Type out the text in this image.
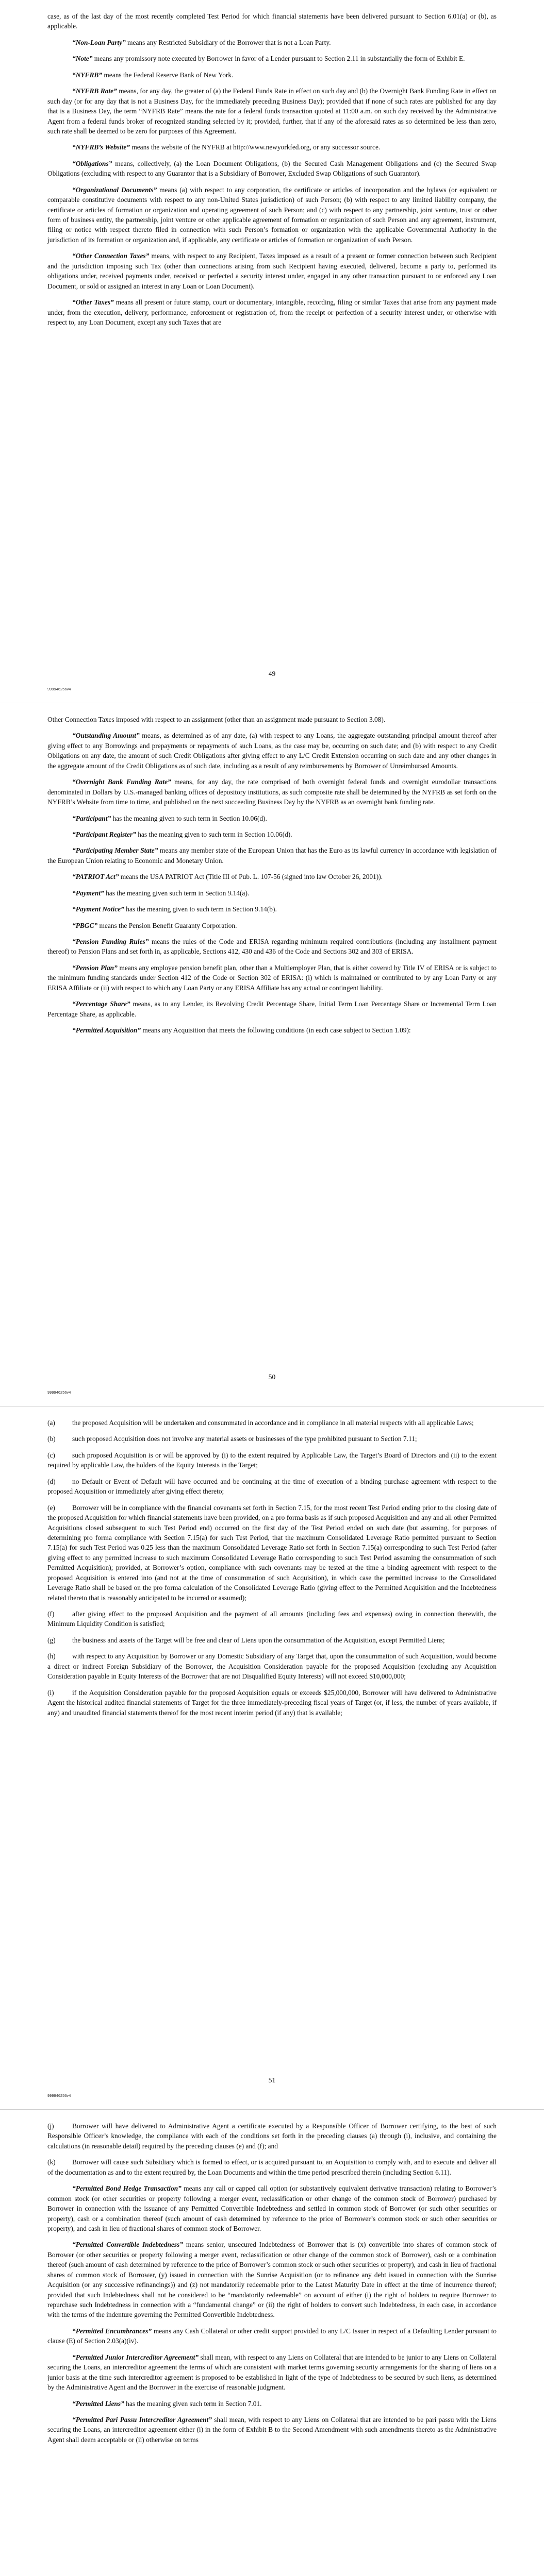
case, as of the last day of the most recently completed Test Period for which financial statements have been delivered pursuant to Section 6.01(a) or (b), as applicable.

“Non-Loan Party” means any Restricted Subsidiary of the Borrower that is not a Loan Party.

“Note” means any promissory note executed by Borrower in favor of a Lender pursuant to Section 2.11 in substantially the form of Exhibit E.

“NYFRB” means the Federal Reserve Bank of New York.

“NYFRB Rate” means, for any day, the greater of (a) the Federal Funds Rate in effect on such day and (b) the Overnight Bank Funding Rate in effect on such day (or for any day that is not a Business Day, for the immediately preceding Business Day); provided that if none of such rates are published for any day that is a Business Day, the term “NYFRB Rate” means the rate for a federal funds transaction quoted at 11:00 a.m. on such day received by the Administrative Agent from a federal funds broker of recognized standing selected by it; provided, further, that if any of the aforesaid rates as so determined be less than zero, such rate shall be deemed to be zero for purposes of this Agreement.

“NYFRB’s Website” means the website of the NYFRB at http://www.newyorkfed.org, or any successor source.

“Obligations” means, collectively, (a) the Loan Document Obligations, (b) the Secured Cash Management Obligations and (c) the Secured Swap Obligations (excluding with respect to any Guarantor that is a Subsidiary of Borrower, Excluded Swap Obligations of such Guarantor).

“Organizational Documents” means (a) with respect to any corporation, the certificate or articles of incorporation and the bylaws (or equivalent or comparable constitutive documents with respect to any non-United States jurisdiction) of such Person; (b) with respect to any limited liability company, the certificate or articles of formation or organization and operating agreement of such Person; and (c) with respect to any partnership, joint venture, trust or other form of business entity, the partnership, joint venture or other applicable agreement of formation or organization of such Person and any agreement, instrument, filing or notice with respect thereto filed in connection with such Person’s formation or organization with the applicable Governmental Authority in the jurisdiction of its formation or organization and, if applicable, any certificate or articles of formation or organization of such Person.

“Other Connection Taxes” means, with respect to any Recipient, Taxes imposed as a result of a present or former connection between such Recipient and the jurisdiction imposing such Tax (other than connections arising from such Recipient having executed, delivered, become a party to, performed its obligations under, received payments under, received or perfected a security interest under, engaged in any other transaction pursuant to or enforced any Loan Document, or sold or assigned an interest in any Loan or Loan Document).

“Other Taxes” means all present or future stamp, court or documentary, intangible, recording, filing or similar Taxes that arise from any payment made under, from the execution, delivery, performance, enforcement or registration of, from the receipt or perfection of a security interest under, or otherwise with respect to, any Loan Document, except any such Taxes that are

49
999946256v4

Other Connection Taxes imposed with respect to an assignment (other than an assignment made pursuant to Section 3.08).

“Outstanding Amount” means, as determined as of any date, (a) with respect to any Loans, the aggregate outstanding principal amount thereof after giving effect to any Borrowings and prepayments or repayments of such Loans, as the case may be, occurring on such date; and (b) with respect to any Credit Obligations on any date, the amount of such Credit Obligations after giving effect to any L/C Credit Extension occurring on such date and any other changes in the aggregate amount of the Credit Obligations as of such date, including as a result of any reimbursements by Borrower of Unreimbursed Amounts.

“Overnight Bank Funding Rate” means, for any day, the rate comprised of both overnight federal funds and overnight eurodollar transactions denominated in Dollars by U.S.-managed banking offices of depository institutions, as such composite rate shall be determined by the NYFRB as set forth on the NYFRB’s Website from time to time, and published on the next succeeding Business Day by the NYFRB as an overnight bank funding rate.

“Participant” has the meaning given to such term in Section 10.06(d).

“Participant Register” has the meaning given to such term in Section 10.06(d).

“Participating Member State” means any member state of the European Union that has the Euro as its lawful currency in accordance with legislation of the European Union relating to Economic and Monetary Union.

“PATRIOT Act” means the USA PATRIOT Act (Title III of Pub. L. 107-56 (signed into law October 26, 2001)).

“Payment” has the meaning given such term in Section 9.14(a).

“Payment Notice” has the meaning given to such term in Section 9.14(b).

“PBGC” means the Pension Benefit Guaranty Corporation.

“Pension Funding Rules” means the rules of the Code and ERISA regarding minimum required contributions (including any installment payment thereof) to Pension Plans and set forth in, as applicable, Sections 412, 430 and 436 of the Code and Sections 302 and 303 of ERISA.

“Pension Plan” means any employee pension benefit plan, other than a Multiemployer Plan, that is either covered by Title IV of ERISA or is subject to the minimum funding standards under Section 412 of the Code or Section 302 of ERISA: (i) which is maintained or contributed to by any Loan Party or any ERISA Affiliate or (ii) with respect to which any Loan Party or any ERISA Affiliate has any actual or contingent liability.

“Percentage Share” means, as to any Lender, its Revolving Credit Percentage Share, Initial Term Loan Percentage Share or Incremental Term Loan Percentage Share, as applicable.

“Permitted Acquisition” means any Acquisition that meets the following conditions (in each case subject to Section 1.09):

50
999946256v4

(a) the proposed Acquisition will be undertaken and consummated in accordance and in compliance in all material respects with all applicable Laws;

(b) such proposed Acquisition does not involve any material assets or businesses of the type prohibited pursuant to Section 7.11;

(c) such proposed Acquisition is or will be approved by (i) to the extent required by Applicable Law, the Target’s Board of Directors and (ii) to the extent required by applicable Law, the holders of the Equity Interests in the Target;

(d) no Default or Event of Default will have occurred and be continuing at the time of execution of a binding purchase agreement with respect to the proposed Acquisition or immediately after giving effect thereto;

(e) Borrower will be in compliance with the financial covenants set forth in Section 7.15, for the most recent Test Period ending prior to the closing date of the proposed Acquisition for which financial statements have been provided, on a pro forma basis as if such proposed Acquisition and any and all other Permitted Acquisitions closed subsequent to such Test Period end) occurred on the first day of the Test Period ended on such date (but assuming, for purposes of determining pro forma compliance with Section 7.15(a) for such Test Period, that the maximum Consolidated Leverage Ratio permitted pursuant to Section 7.15(a) for such Test Period was 0.25 less than the maximum Consolidated Leverage Ratio set forth in Section 7.15(a) corresponding to such Test Period (after giving effect to any permitted increase to such maximum Consolidated Leverage Ratio corresponding to such Test Period assuming the consummation of such Permitted Acquisition); provided, at Borrower’s option, compliance with such covenants may be tested at the time a binding agreement with respect to the proposed Acquisition is entered into (and not at the time of consummation of such Acquisition), in which case the permitted increase to the Consolidated Leverage Ratio shall be based on the pro forma calculation of the Consolidated Leverage Ratio (giving effect to the Permitted Acquisition and the Indebtedness related thereto that is reasonably anticipated to be incurred or assumed);

(f)	after giving effect to the proposed Acquisition and the payment of all amounts (including fees and expenses) owing in connection therewith, the Minimum Liquidity Condition is satisfied;

(g) the business and assets of the Target will be free and clear of Liens upon the consummation of the Acquisition, except Permitted Liens;

(h) with respect to any Acquisition by Borrower or any Domestic Subsidiary of any Target that, upon the consummation of such Acquisition, would become a direct or indirect Foreign Subsidiary of the Borrower, the Acquisition Consideration payable for the proposed Acquisition (excluding any Acquisition Consideration payable in Equity Interests of the Borrower that are not Disqualified Equity Interests) will not exceed $10,000,000;

(i)	if the Acquisition Consideration payable for the proposed Acquisition equals or exceeds $25,000,000, Borrower will have delivered to Administrative Agent the historical audited financial statements of Target for the three immediately-preceding fiscal years of Target (or, if less, the number of years available, if any) and unaudited financial statements thereof for the most recent interim period (if any) that is available;

51
999946256v4

(j)	Borrower will have delivered to Administrative Agent a certificate executed by a Responsible Officer of Borrower certifying, to the best of such Responsible Officer’s knowledge, the compliance with each of the conditions set forth in the preceding clauses (a) through (i), inclusive, and containing the calculations (in reasonable detail) required by the preceding clauses (e) and (f); and

(k) Borrower will cause such Subsidiary which is formed to effect, or is acquired pursuant to, an Acquisition to comply with, and to execute and deliver all of the documentation as and to the extent required by, the Loan Documents and within the time period prescribed therein (including Section 6.11).

“Permitted Bond Hedge Transaction” means any call or capped call option (or substantively equivalent derivative transaction) relating to Borrower’s common stock (or other securities or property following a merger event, reclassification or other change of the common stock of Borrower) purchased by Borrower in connection with the issuance of any Permitted Convertible Indebtedness and settled in common stock of Borrower (or such other securities or property), cash or a combination thereof (such amount of cash determined by reference to the price of Borrower’s common stock or such other securities or property), and cash in lieu of fractional shares of common stock of Borrower.

“Permitted Convertible Indebtedness” means senior, unsecured Indebtedness of Borrower that is (x) convertible into shares of common stock of Borrower (or other securities or property following a merger event, reclassification or other change of the common stock of Borrower), cash or a combination thereof (such amount of cash determined by reference to the price of Borrower’s common stock or such other securities or property), and cash in lieu of fractional shares of common stock of Borrower, (y) issued in connection with the Sunrise Acquisition (or to refinance any debt issued in connection with the Sunrise Acquisition (or any successive refinancings)) and (z) not mandatorily redeemable prior to the Latest Maturity Date in effect at the time of incurrence thereof; provided that such Indebtedness shall not be considered to be “mandatorily redeemable” on account of either (i) the right of holders to require Borrower to repurchase such Indebtedness in connection with a “fundamental change” or (ii) the right of holders to convert such Indebtedness, in each case, in accordance with the terms of the indenture governing the Permitted Convertible Indebtedness.

“Permitted Encumbrances” means any Cash Collateral or other credit support provided to any L/C Issuer in respect of a Defaulting Lender pursuant to clause (E) of Section 2.03(a)(iv).

“Permitted Junior Intercreditor Agreement” shall mean, with respect to any Liens on Collateral that are intended to be junior to any Liens on Collateral securing the Loans, an intercreditor agreement the terms of which are consistent with market terms governing security arrangements for the sharing of liens on a junior basis at the time such intercreditor agreement is proposed to be established in light of the type of Indebtedness to be secured by such liens, as determined by the Administrative Agent and the Borrower in the exercise of reasonable judgment.

“Permitted Liens” has the meaning given such term in Section 7.01.

“Permitted Pari Passu Intercreditor Agreement” shall mean, with respect to any Liens on Collateral that are intended to be pari passu with the Liens securing the Loans, an intercreditor agreement either (i) in the form of Exhibit B to the Second Amendment with such amendments thereto as the Administrative Agent shall deem acceptable or (ii) otherwise on terms
